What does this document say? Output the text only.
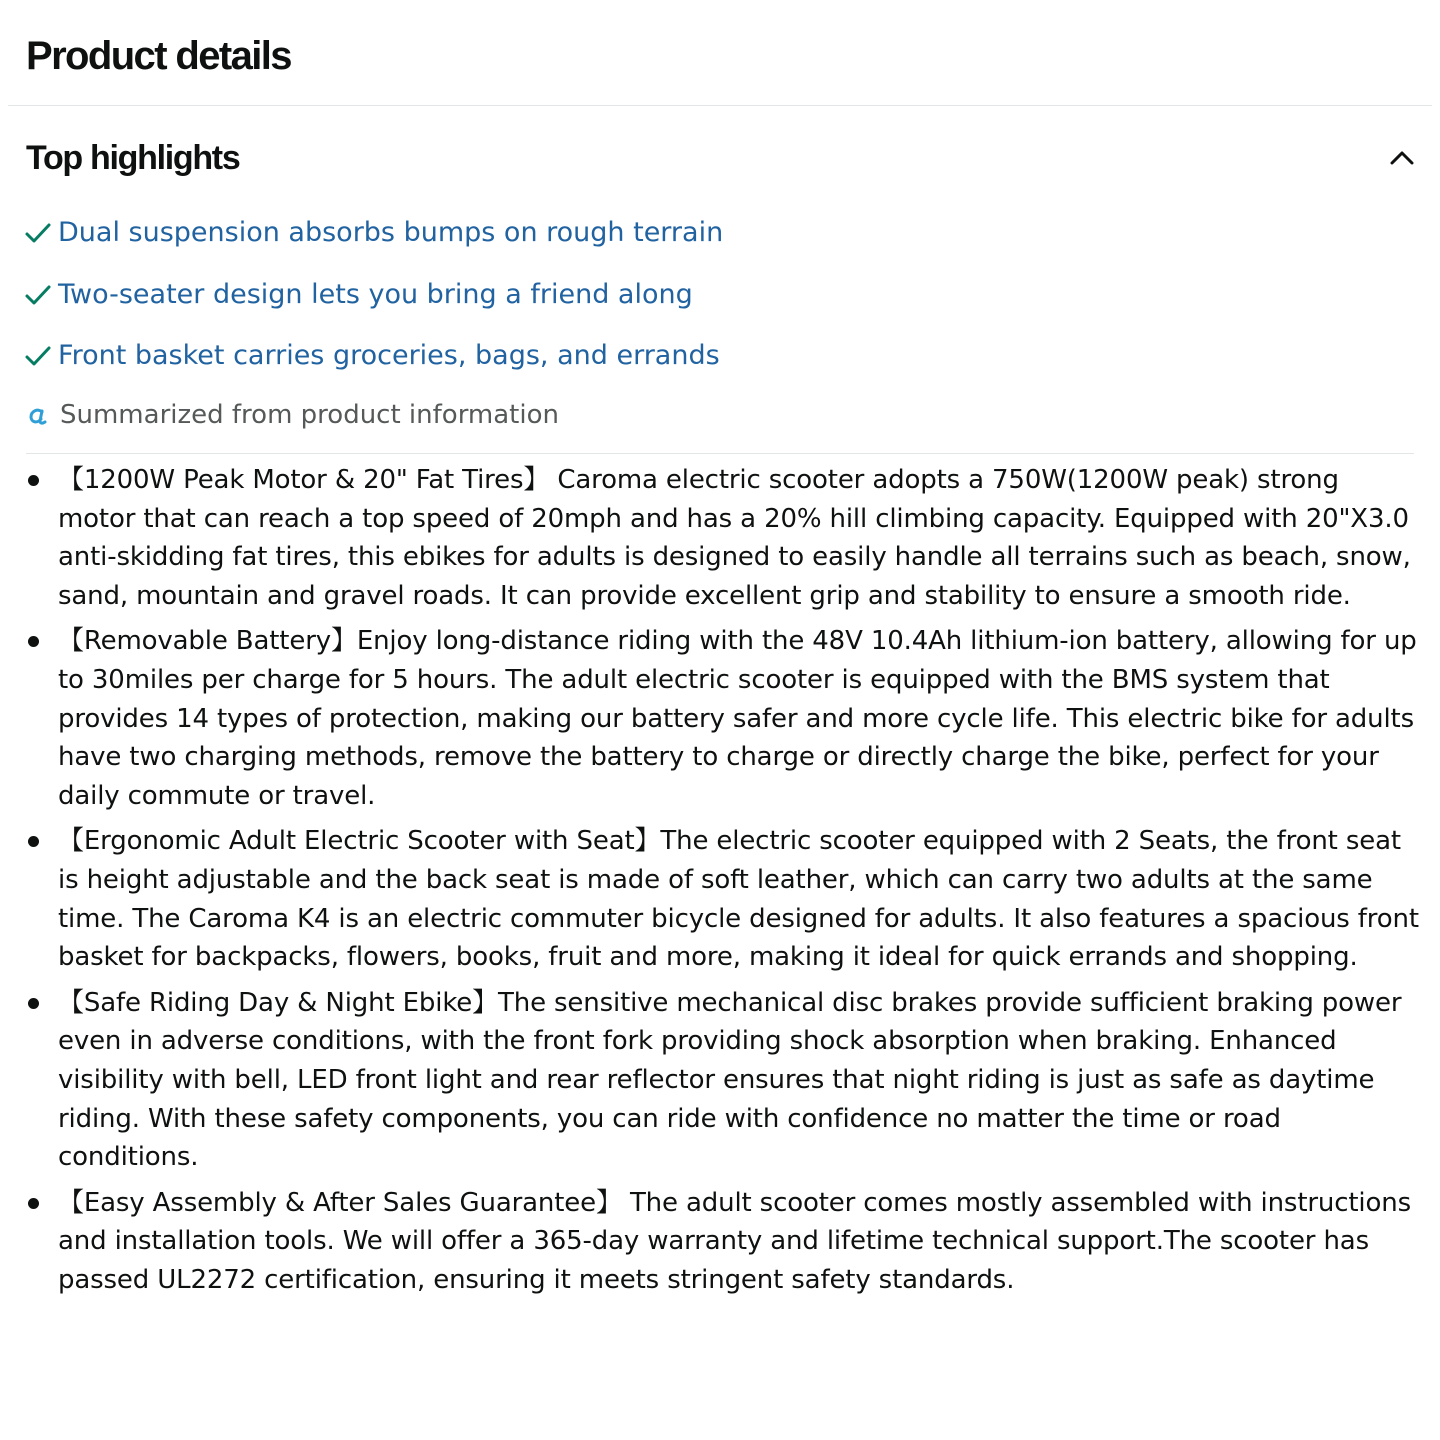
Product details
Top highlights
Dual suspension absorbs bumps on rough terrain
Two-seater design lets you bring a friend along
Front basket carries groceries, bags, and errands
Summarized from product information
【1200W Peak Motor & 20" Fat Tires】 Caroma electric scooter adopts a 750W(1200W peak) strong motor that can reach a top speed of 20mph and has a 20% hill climbing capacity. Equipped with 20"X3.0 anti-skidding fat tires, this ebikes for adults is designed to easily handle all terrains such as beach, snow, sand, mountain and gravel roads. It can provide excellent grip and stability to ensure a smooth ride.
【Removable Battery】Enjoy long-distance riding with the 48V 10.4Ah lithium-ion battery, allowing for up to 30miles per charge for 5 hours. The adult electric scooter is equipped with the BMS system that provides 14 types of protection, making our battery safer and more cycle life. This electric bike for adults have two charging methods, remove the battery to charge or directly charge the bike, perfect for your daily commute or travel.
【Ergonomic Adult Electric Scooter with Seat】The electric scooter equipped with 2 Seats, the front seat is height adjustable and the back seat is made of soft leather, which can carry two adults at the same time. The Caroma K4 is an electric commuter bicycle designed for adults. It also features a spacious front basket for backpacks, flowers, books, fruit and more, making it ideal for quick errands and shopping.
【Safe Riding Day & Night Ebike】The sensitive mechanical disc brakes provide sufficient braking power even in adverse conditions, with the front fork providing shock absorption when braking. Enhanced visibility with bell, LED front light and rear reflector ensures that night riding is just as safe as daytime riding. With these safety components, you can ride with confidence no matter the time or road conditions.
【Easy Assembly & After Sales Guarantee】 The adult scooter comes mostly assembled with instructions and installation tools. We will offer a 365-day warranty and lifetime technical support.The scooter has passed UL2272 certification, ensuring it meets stringent safety standards.
